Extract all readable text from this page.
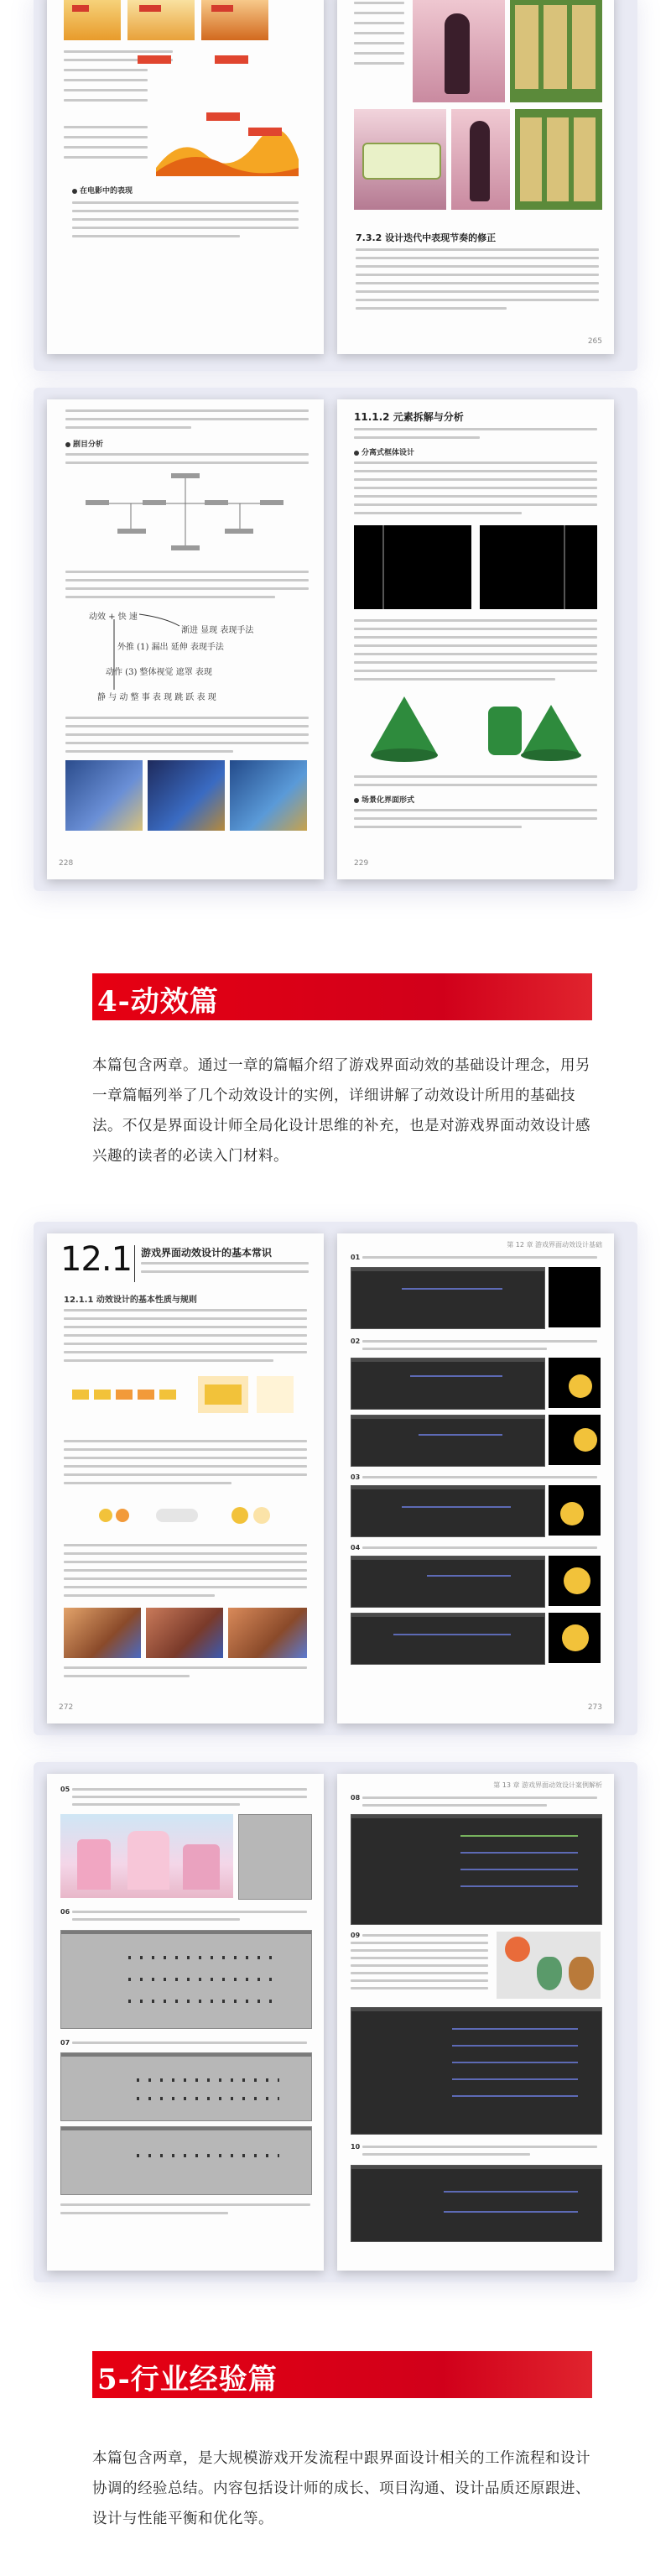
在电影中的表现
7.3.2 设计迭代中表现节奏的修正
265
剧目分析
动效 + 快 速
渐进 显现 表现手法
外推 (1) 漏出 延伸 表现手法
动作 (3) 整体视觉 遮罩 表现
静 与 动 整 事 表 现 跳 跃 表 现
228
11.1.2 元素拆解与分析
分离式框体设计
场景化界面形式
229
4-动效篇
本篇包含两章。通过一章的篇幅介绍了游戏界面动效的基础设计理念，用另一章篇幅列举了几个动效设计的实例，详细讲解了动效设计所用的基础技法。不仅是界面设计师全局化设计思维的补充，也是对游戏界面动效设计感兴趣的读者的必读入门材料。
12.1 游戏界面动效设计的基本常识
12.1.1 动效设计的基本性质与规则
272
第 12 章 游戏界面动效设计基础
01
02
03
04
273
05
06
07
第 13 章 游戏界面动效设计案例解析
08
09
10
5-行业经验篇
本篇包含两章，是大规模游戏开发流程中跟界面设计相关的工作流程和设计协调的经验总结。内容包括设计师的成长、项目沟通、设计品质还原跟进、设计与性能平衡和优化等。
